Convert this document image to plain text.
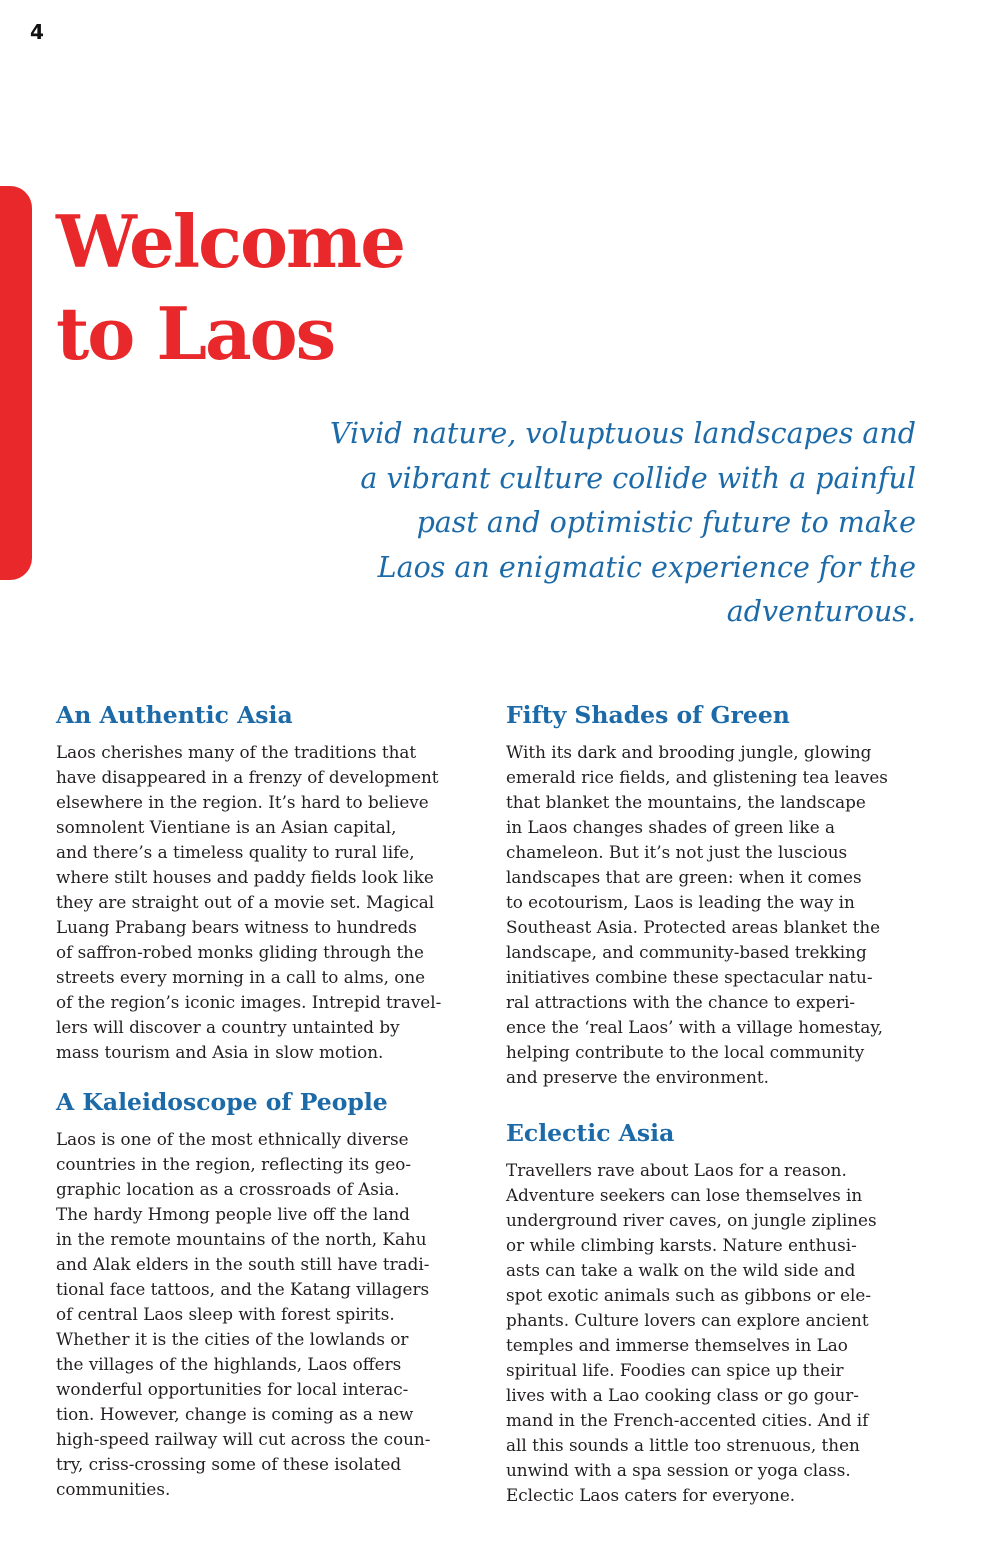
4
Welcome
to Laos

Vivid nature, voluptuous landscapes and
a vibrant culture collide with a painful
past and optimistic future to make
Laos an enigmatic experience for the
adventurous.

An Authentic Asia

Laos cherishes many of the traditions that
have disappeared in a frenzy of development
elsewhere in the region. It’s hard to believe
somnolent Vientiane is an Asian capital,
and there’s a timeless quality to rural life,
where stilt houses and paddy fields look like
they are straight out of a movie set. Magical
Luang Prabang bears witness to hundreds
of saffron-robed monks gliding through the
streets every morning in a call to alms, one
of the region’s iconic images. Intrepid travel-
lers will discover a country untainted by
mass tourism and Asia in slow motion.

A Kaleidoscope of People

Laos is one of the most ethnically diverse
countries in the region, reflecting its geo-
graphic location as a crossroads of Asia.
The hardy Hmong people live off the land
in the remote mountains of the north, Kahu
and Alak elders in the south still have tradi-
tional face tattoos, and the Katang villagers
of central Laos sleep with forest spirits.
Whether it is the cities of the lowlands or
the villages of the highlands, Laos offers
wonderful opportunities for local interac-
tion. However, change is coming as a new
high-speed railway will cut across the coun-
try, criss-crossing some of these isolated
communities.

Fifty Shades of Green

With its dark and brooding jungle, glowing
emerald rice fields, and glistening tea leaves
that blanket the mountains, the landscape
in Laos changes shades of green like a
chameleon. But it’s not just the luscious
landscapes that are green: when it comes
to ecotourism, Laos is leading the way in
Southeast Asia. Protected areas blanket the
landscape, and community-based trekking
initiatives combine these spectacular natu-
ral attractions with the chance to experi-
ence the ‘real Laos’ with a village homestay,
helping contribute to the local community
and preserve the environment.

Eclectic Asia

Travellers rave about Laos for a reason.
Adventure seekers can lose themselves in
underground river caves, on jungle ziplines
or while climbing karsts. Nature enthusi-
asts can take a walk on the wild side and
spot exotic animals such as gibbons or ele-
phants. Culture lovers can explore ancient
temples and immerse themselves in Lao
spiritual life. Foodies can spice up their
lives with a Lao cooking class or go gour-
mand in the French-accented cities. And if
all this sounds a little too strenuous, then
unwind with a spa session or yoga class.
Eclectic Laos caters for everyone.
